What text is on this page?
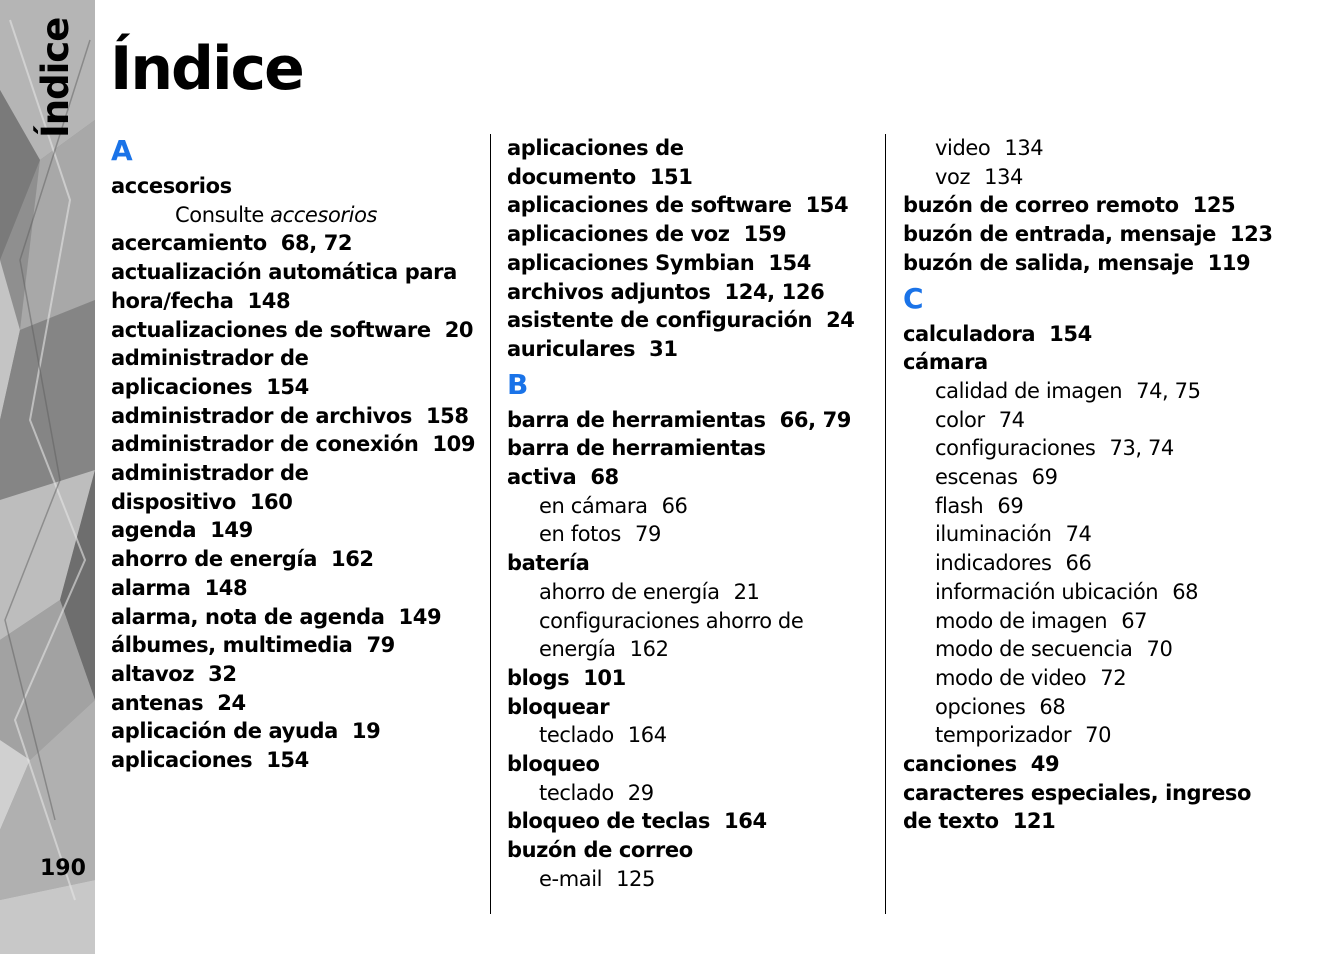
Índice
190
Índice
A
accesorios
Consulte accesorios
acercamiento 68, 72
actualización automática para hora/fecha 148
actualizaciones de software 20
administrador de aplicaciones 154
administrador de archivos 158
administrador de conexión 109
administrador de dispositivo 160
agenda 149
ahorro de energía 162
alarma 148
alarma, nota de agenda 149
álbumes, multimedia 79
altavoz 32
antenas 24
aplicación de ayuda 19
aplicaciones 154
aplicaciones de documento 151
aplicaciones de software 154
aplicaciones de voz 159
aplicaciones Symbian 154
archivos adjuntos 124, 126
asistente de configuración 24
auriculares 31
B
barra de herramientas 66, 79
barra de herramientas activa 68
en cámara 66
en fotos 79
batería
ahorro de energía 21
configuraciones ahorro de
energía 162
blogs 101
bloquear
teclado 164
bloqueo
teclado 29
bloqueo de teclas 164
buzón de correo
e-mail 125
video 134
voz 134
buzón de correo remoto 125
buzón de entrada, mensaje 123
buzón de salida, mensaje 119
C
calculadora 154
cámara
calidad de imagen 74, 75
color 74
configuraciones 73, 74
escenas 69
flash 69
iluminación 74
indicadores 66
información ubicación 68
modo de imagen 67
modo de secuencia 70
modo de video 72
opciones 68
temporizador 70
canciones 49
caracteres especiales, ingreso de texto 121
